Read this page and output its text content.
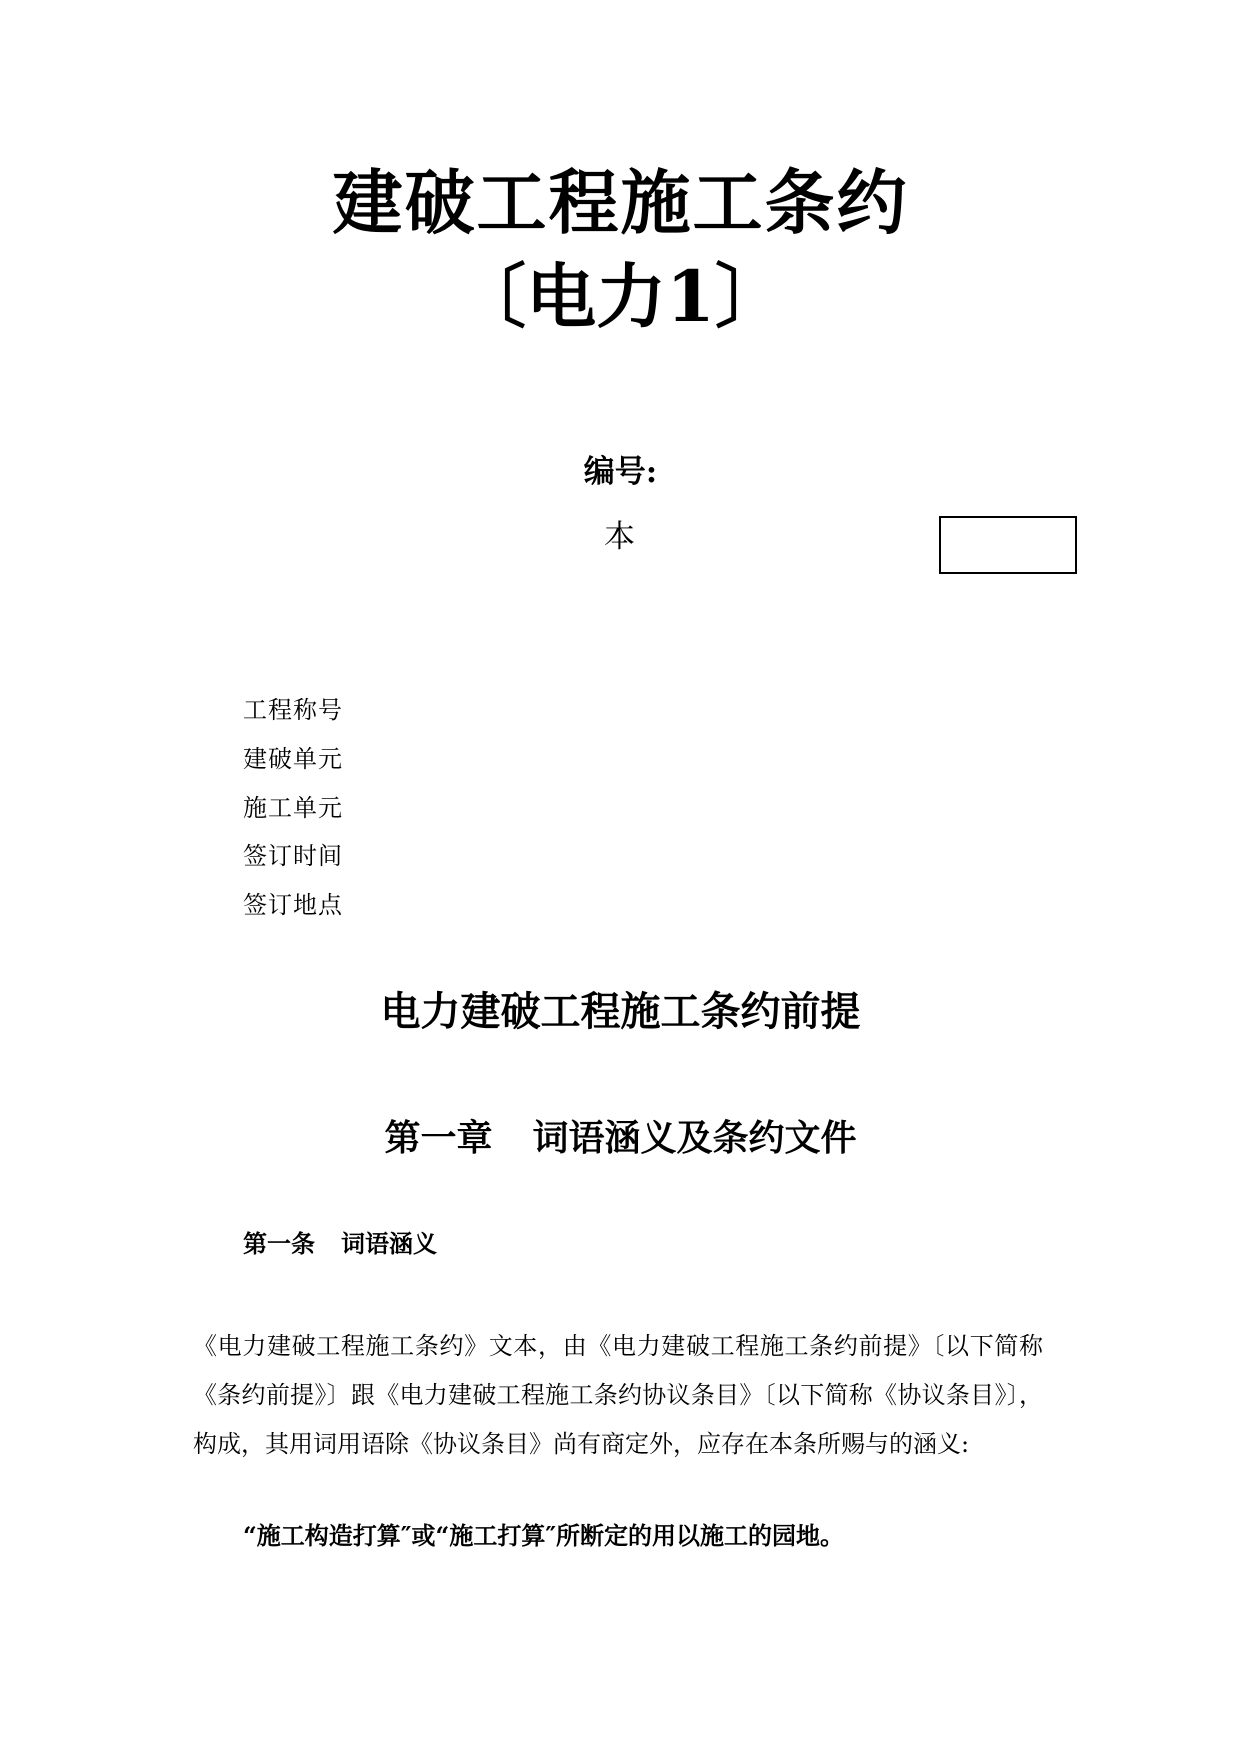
建破工程施工条约
〔电力1〕
编号:
本
工程称号
建破单元
施工单元
签订时间
签订地点
电力建破工程施工条约前提
第一章 词语涵义及条约文件
第一条 词语涵义
《电力建破工程施工条约》文本，由《电力建破工程施工条约前提》〔以下简称《条约前提》〕跟《电力建破工程施工条约协议条目》〔以下简称《协议条目》〕，构成，其用词用语除《协议条目》尚有商定外，应存在本条所赐与的涵义:
“施工构造打算″或“施工打算″所断定的用以施工的园地。
